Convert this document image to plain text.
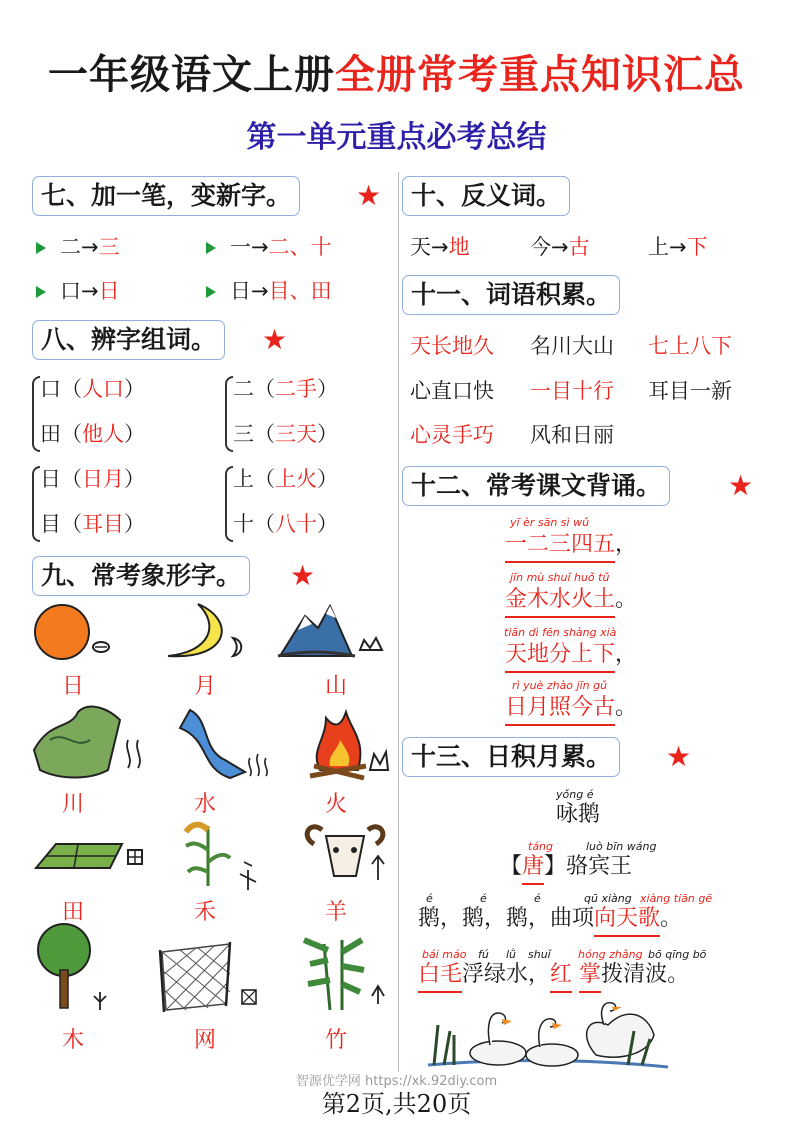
一年级语文上册全册常考重点知识汇总
第一单元重点必考总结
七、加一笔，变新字。	★
二→三	一→二、十
口→日	日→目、田
八、辨字组词。	★
口（人口）
田（他人）
二（二手）
三（三天）
日（日月）
目（耳目）
上（上火）
十（八十）
九、常考象形字。	★
日	月	山
川	水	火
田	禾	羊
木	网	竹
十、反义词。
天→地	今→古	上→下
十一、词语积累。
天长地久 名川大山 七上八下
心直口快 一目十行 耳目一新
心灵手巧 风和日丽
十二、常考课文背诵。	★
yī èr sān sì wǔ
一二三四五，
jīn mù shuǐ huǒ tǔ
金木水火土。
tiān dì fēn shàng xià
天地分上下，
rì yuè zhào jīn gǔ
日月照今古。
十三、日积月累。	★
yǒng é
咏鹅
táng	luò bīn wáng
【唐】骆宾王
é	é	é	qū xiàng xiàng tiān gē
鹅，鹅，鹅，曲项向天歌。
bái máo fú lǜ shuǐ hóng zhǎng bō qīng bō
白毛浮绿水，红 掌拨清波。
智源优学网 https://xk.92diy.com
第2页,共20页
